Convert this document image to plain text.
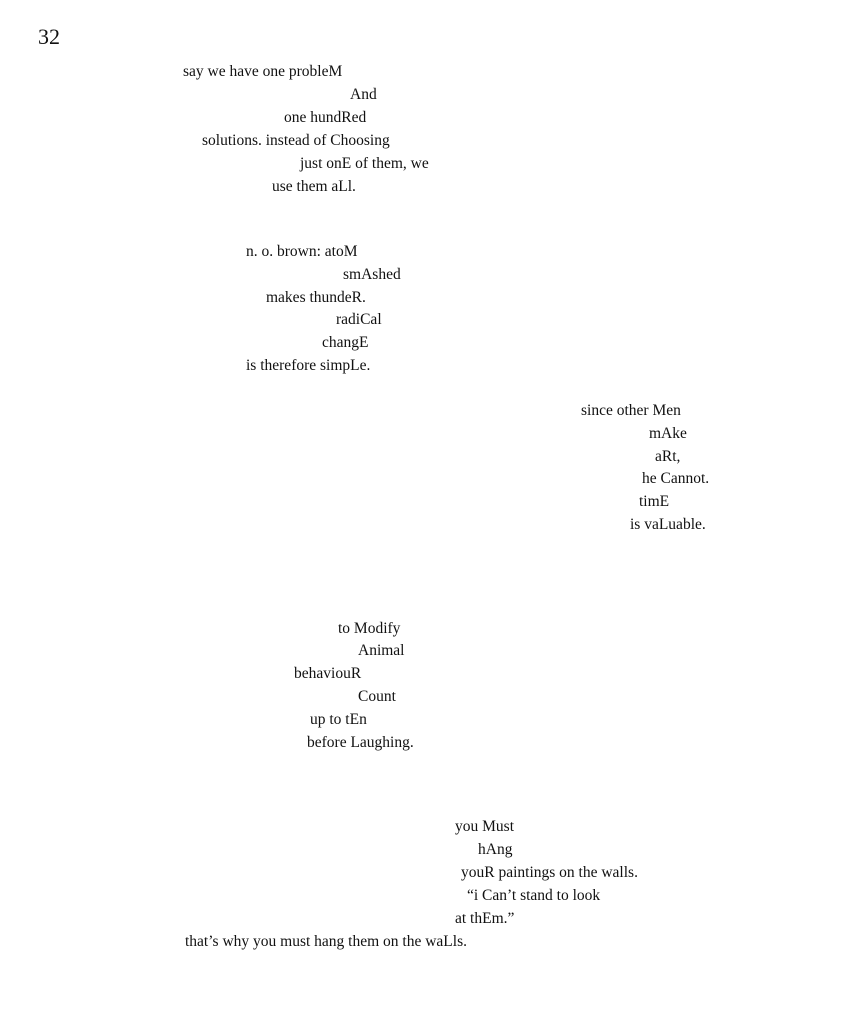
32
say we have one probleM
And
one hundRed
solutions. instead of Choosing
just onE of them, we
use them aLl.
n. o. brown: atoM
smAshed
makes thundeR.
radiCal
changE
is therefore simpLe.
since other Men
mAke
aRt,
he Cannot.
timE
is vaLuable.
to Modify
Animal
behaviouR
Count
up to tEn
before Laughing.
you Must
hAng
youR paintings on the walls.
“i Can’t stand to look
at thEm.”
that’s why you must hang them on the waLls.
